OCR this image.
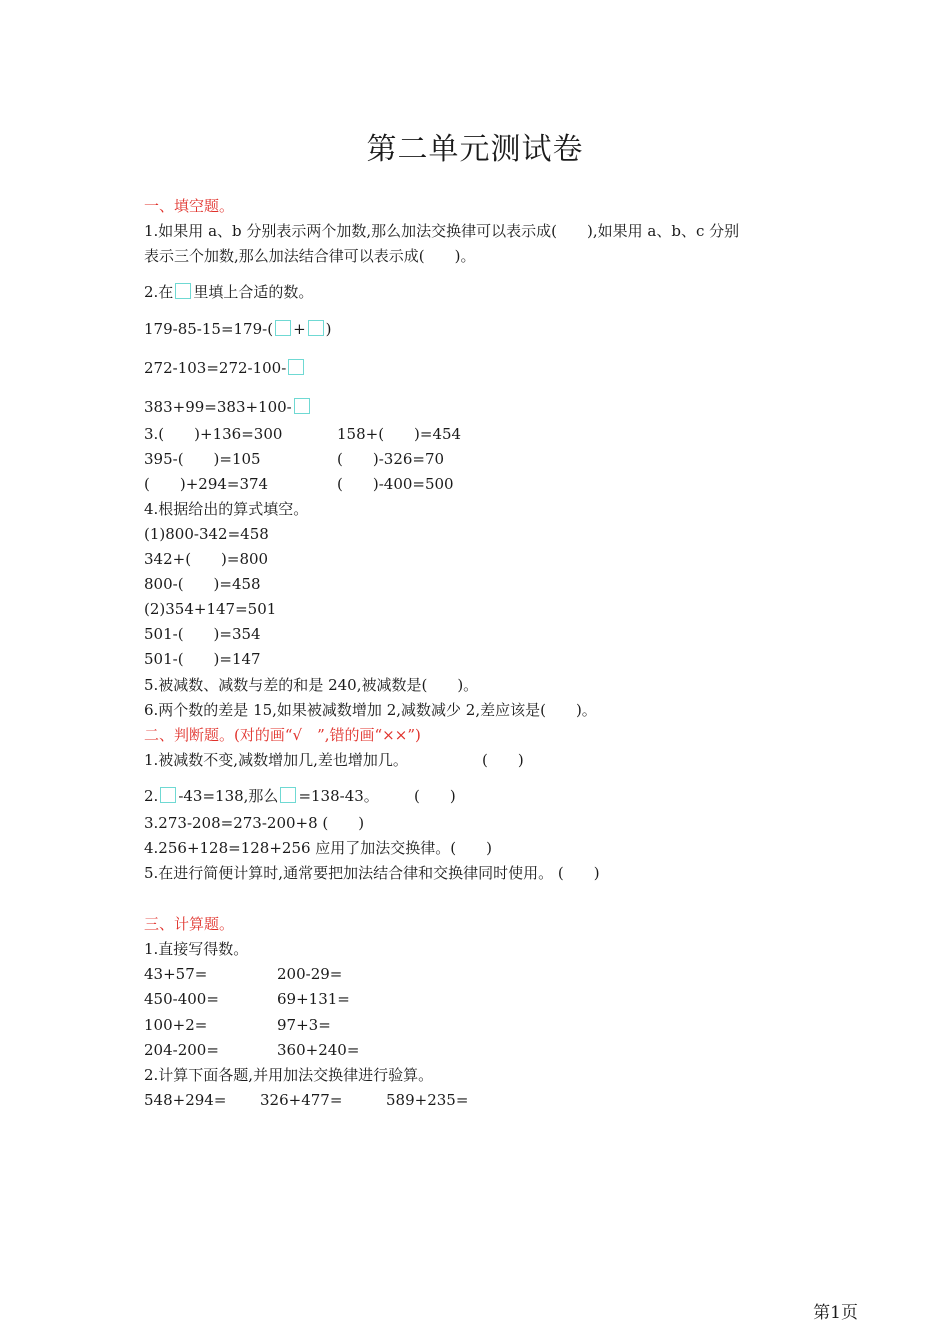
第二单元测试卷
一、填空题。
1.如果用 a、b 分别表示两个加数,那么加法交换律可以表示成(　　),如果用 a、b、c 分别
表示三个加数,那么加法结合律可以表示成(　　)。
2.在 里填上合适的数。
179-85-15=179-( + )
272-103=272-100-
383+99=383+100-
3.(　　)+136=300	158+(　　)=454
395-(　　)=105	(　　)-326=70
(　　)+294=374	(　　)-400=500
4.根据给出的算式填空。
(1)800-342=458
342+(　　)=800
800-(　　)=458
(2)354+147=501
501-(　　)=354
501-(　　)=147
5.被减数、减数与差的和是 240,被减数是(　　)。
6.两个数的差是 15,如果被减数增加 2,减数减少 2,差应该是(　　)。
二、判断题。(对的画“√　”,错的画“××”)
1.被减数不变,减数增加几,差也增加几。	(　　)
2. -43=138,那么 =138-43。 (　　)
3.273-208=273-200+8 (　　)
4.256+128=128+256 应用了加法交换律。(　　)
5.在进行简便计算时,通常要把加法结合律和交换律同时使用。 (　　)
三、计算题。
1.直接写得数。
43+57=	200-29=
450-400=	69+131=
100+2=	97+3=
204-200=	360+240=
2.计算下面各题,并用加法交换律进行验算。
548+294= 326+477=	589+235=
第1页
